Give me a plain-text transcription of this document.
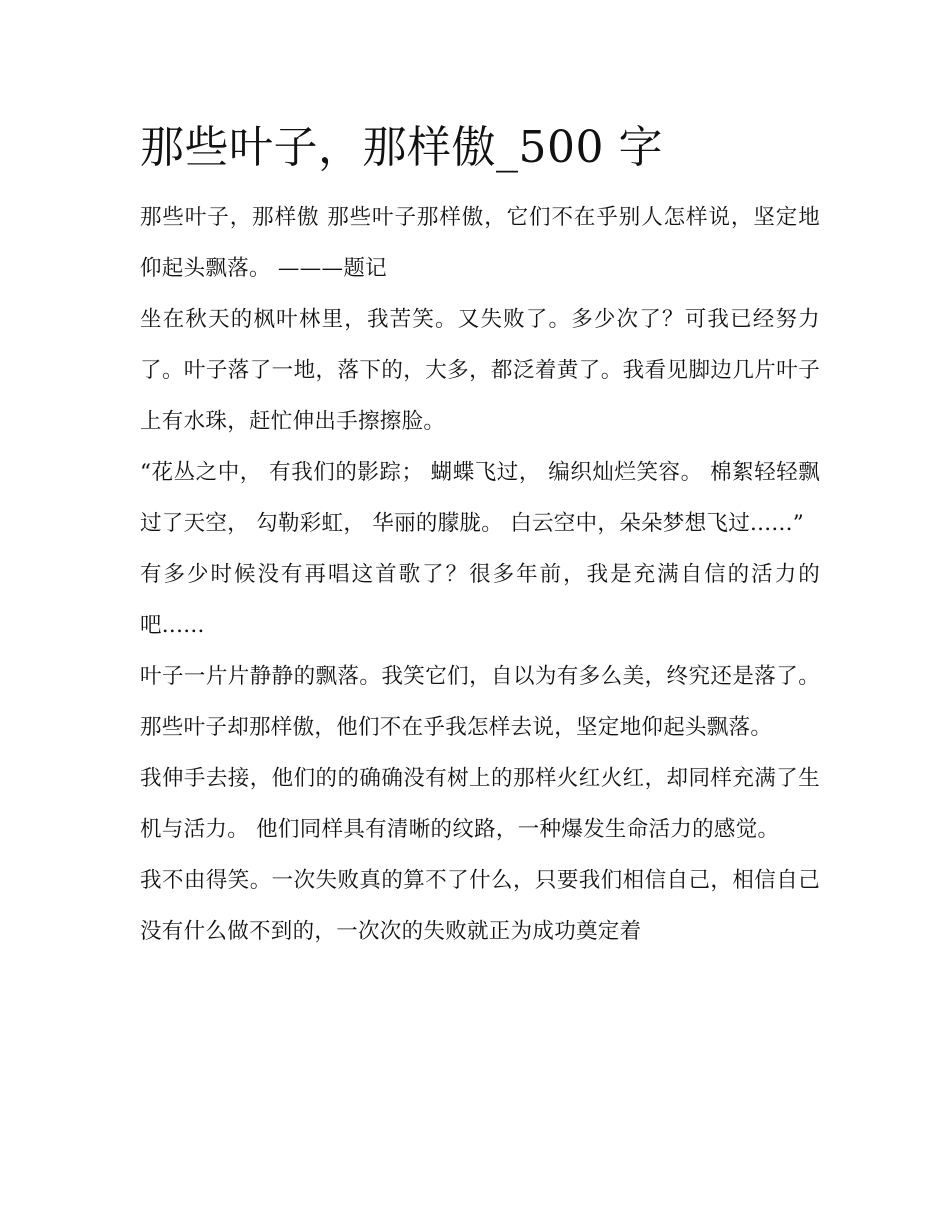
那些叶子，那样傲_500 字

那些叶子，那样傲 那些叶子那样傲，它们不在乎别人怎样说，坚定地仰起头飘落。 ———题记

坐在秋天的枫叶林里，我苦笑。又失败了。多少次了？可我已经努力了。叶子落了一地，落下的，大多，都泛着黄了。我看见脚边几片叶子上有水珠，赶忙伸出手擦擦脸。

“花丛之中， 有我们的影踪； 蝴蝶飞过， 编织灿烂笑容。 棉絮轻轻飘过了天空， 勾勒彩虹， 华丽的朦胧。 白云空中，朵朵梦想飞过......”

有多少时候没有再唱这首歌了？很多年前，我是充满自信的活力的吧......

叶子一片片静静的飘落。我笑它们，自以为有多么美，终究还是落了。那些叶子却那样傲，他们不在乎我怎样去说，坚定地仰起头飘落。

我伸手去接，他们的的确确没有树上的那样火红火红，却同样充满了生机与活力。 他们同样具有清晰的纹路，一种爆发生命活力的感觉。

我不由得笑。一次失败真的算不了什么，只要我们相信自己，相信自己没有什么做不到的，一次次的失败就正为成功奠定着
